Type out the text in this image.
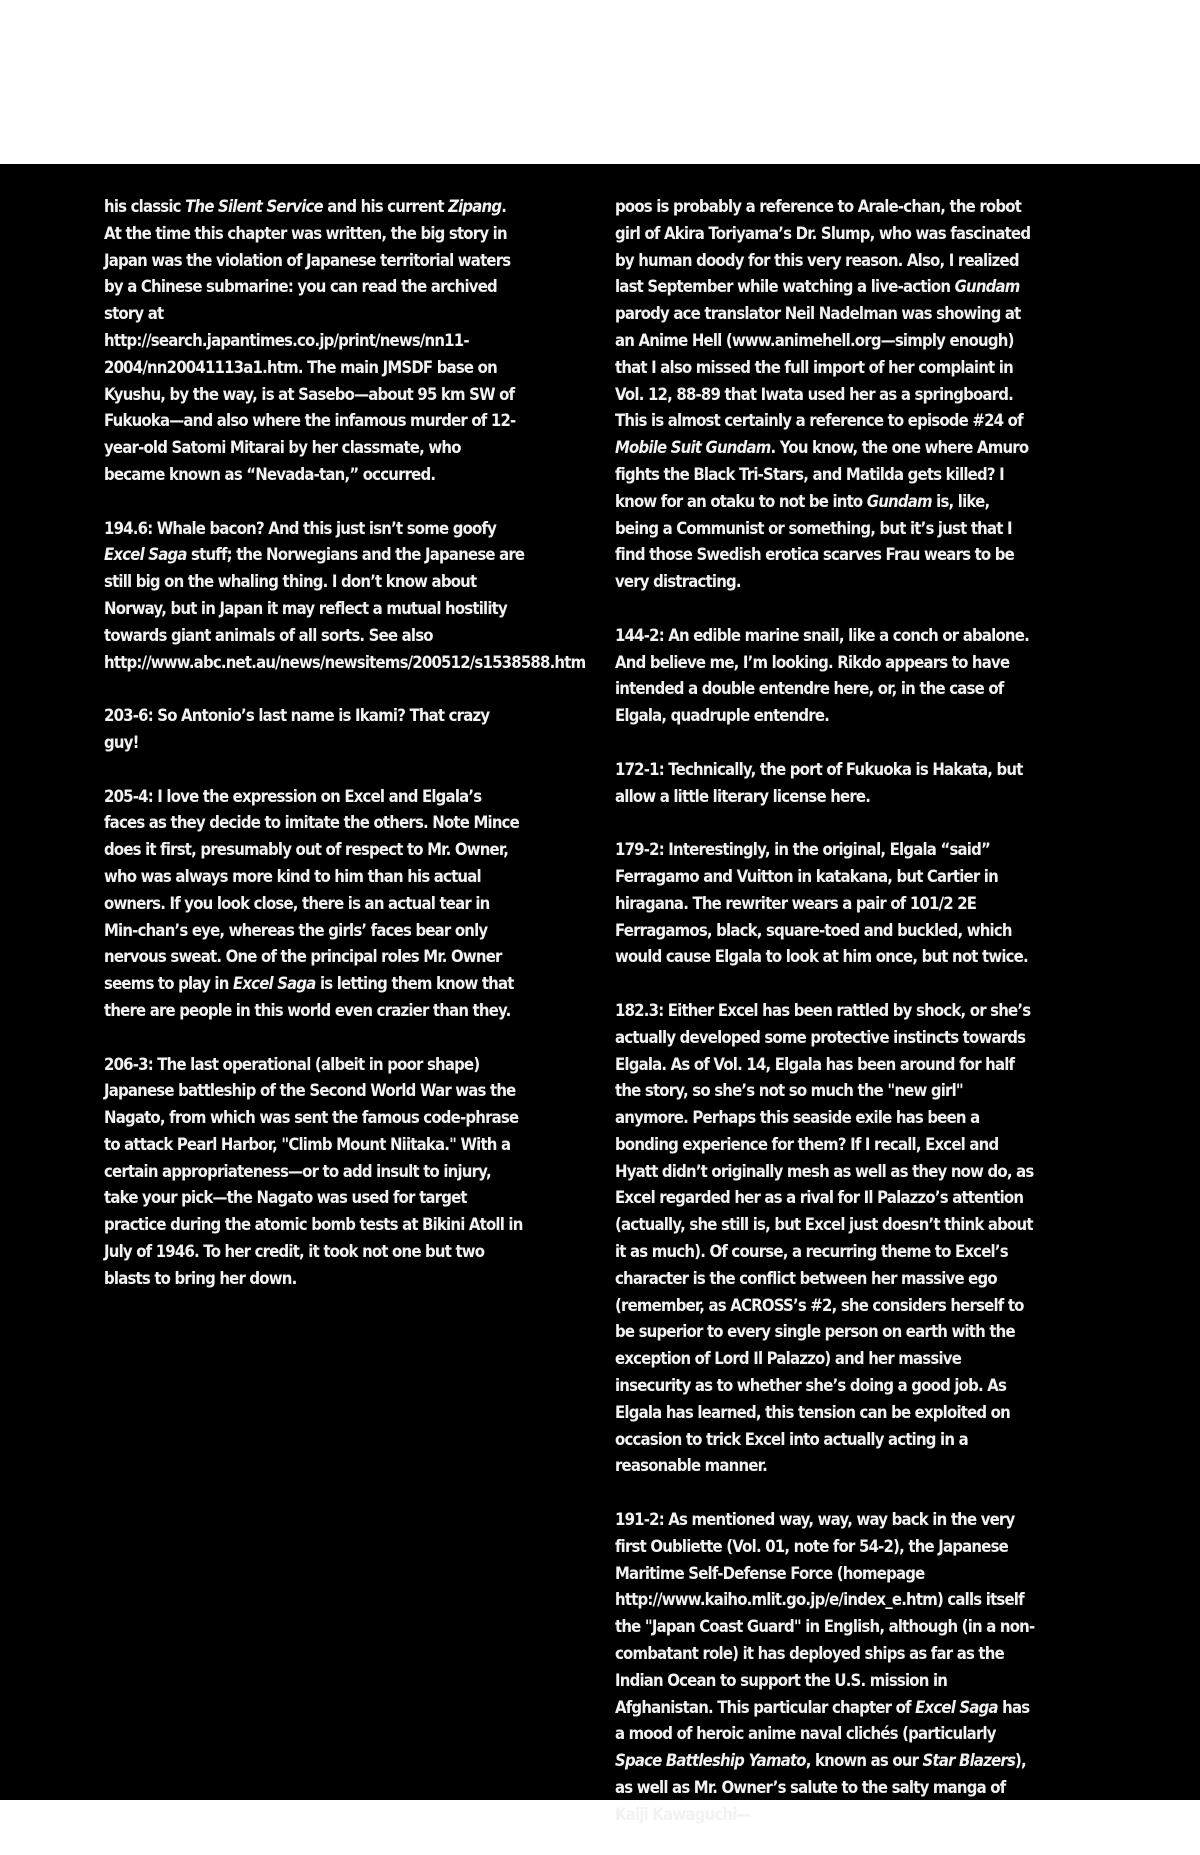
his classic The Silent Service and his current Zipang. At the time this chapter was written, the big story in Japan was the violation of Japanese territorial waters by a Chinese submarine: you can read the archived story at http://search.japantimes.co.jp/print/news/nn11-2004/nn20041113a1.htm. The main JMSDF base on Kyushu, by the way, is at Sasebo—about 95 km SW of Fukuoka—and also where the infamous murder of 12-year-old Satomi Mitarai by her classmate, who became known as “Nevada-tan,” occurred.

194.6: Whale bacon? And this just isn’t some goofy Excel Saga stuff; the Norwegians and the Japanese are still big on the whaling thing. I don’t know about Norway, but in Japan it may reflect a mutual hostility towards giant animals of all sorts. See also http://www.abc.net.au/news/newsitems/200512/s1538588.htm

203-6: So Antonio’s last name is Ikami? That crazy guy!

205-4: I love the expression on Excel and Elgala’s faces as they decide to imitate the others. Note Mince does it first, presumably out of respect to Mr. Owner, who was always more kind to him than his actual owners. If you look close, there is an actual tear in Min-chan’s eye, whereas the girls’ faces bear only nervous sweat. One of the principal roles Mr. Owner seems to play in Excel Saga is letting them know that there are people in this world even crazier than they.

206-3: The last operational (albeit in poor shape) Japanese battleship of the Second World War was the Nagato, from which was sent the famous code-phrase to attack Pearl Harbor, "Climb Mount Niitaka." With a certain appropriateness—or to add insult to injury, take your pick—the Nagato was used for target practice during the atomic bomb tests at Bikini Atoll in July of 1946. To her credit, it took not one but two blasts to bring her down.

poos is probably a reference to Arale-chan, the robot girl of Akira Toriyama’s Dr. Slump, who was fascinated by human doody for this very reason. Also, I realized last September while watching a live-action Gundam parody ace translator Neil Nadelman was showing at an Anime Hell (www.animehell.org—simply enough) that I also missed the full import of her complaint in Vol. 12, 88-89 that Iwata used her as a springboard. This is almost certainly a reference to episode #24 of Mobile Suit Gundam. You know, the one where Amuro fights the Black Tri-Stars, and Matilda gets killed? I know for an otaku to not be into Gundam is, like, being a Communist or something, but it’s just that I find those Swedish erotica scarves Frau wears to be very distracting.

144-2: An edible marine snail, like a conch or abalone. And believe me, I’m looking. Rikdo appears to have intended a double entendre here, or, in the case of Elgala, quadruple entendre.

172-1: Technically, the port of Fukuoka is Hakata, but allow a little literary license here.

179-2: Interestingly, in the original, Elgala “said” Ferragamo and Vuitton in katakana, but Cartier in hiragana. The rewriter wears a pair of 101/2 2E Ferragamos, black, square-toed and buckled, which would cause Elgala to look at him once, but not twice.

182.3: Either Excel has been rattled by shock, or she’s actually developed some protective instincts towards Elgala. As of Vol. 14, Elgala has been around for half the story, so she’s not so much the "new girl" anymore. Perhaps this seaside exile has been a bonding experience for them? If I recall, Excel and Hyatt didn’t originally mesh as well as they now do, as Excel regarded her as a rival for Il Palazzo’s attention (actually, she still is, but Excel just doesn’t think about it as much). Of course, a recurring theme to Excel’s character is the conflict between her massive ego (remember, as ACROSS’s #2, she considers herself to be superior to every single person on earth with the exception of Lord Il Palazzo) and her massive insecurity as to whether she’s doing a good job. As Elgala has learned, this tension can be exploited on occasion to trick Excel into actually acting in a reasonable manner.

191-2: As mentioned way, way, way back in the very first Oubliette (Vol. 01, note for 54-2), the Japanese Maritime Self-Defense Force (homepage http://www.kaiho.mlit.go.jp/e/index_e.htm) calls itself the "Japan Coast Guard" in English, although (in a non-combatant role) it has deployed ships as far as the Indian Ocean to support the U.S. mission in Afghanistan. This particular chapter of Excel Saga has a mood of heroic anime naval clichés (particularly Space Battleship Yamato, known as our Star Blazers), as well as Mr. Owner’s salute to the salty manga of Kaiji Kawaguchi—
